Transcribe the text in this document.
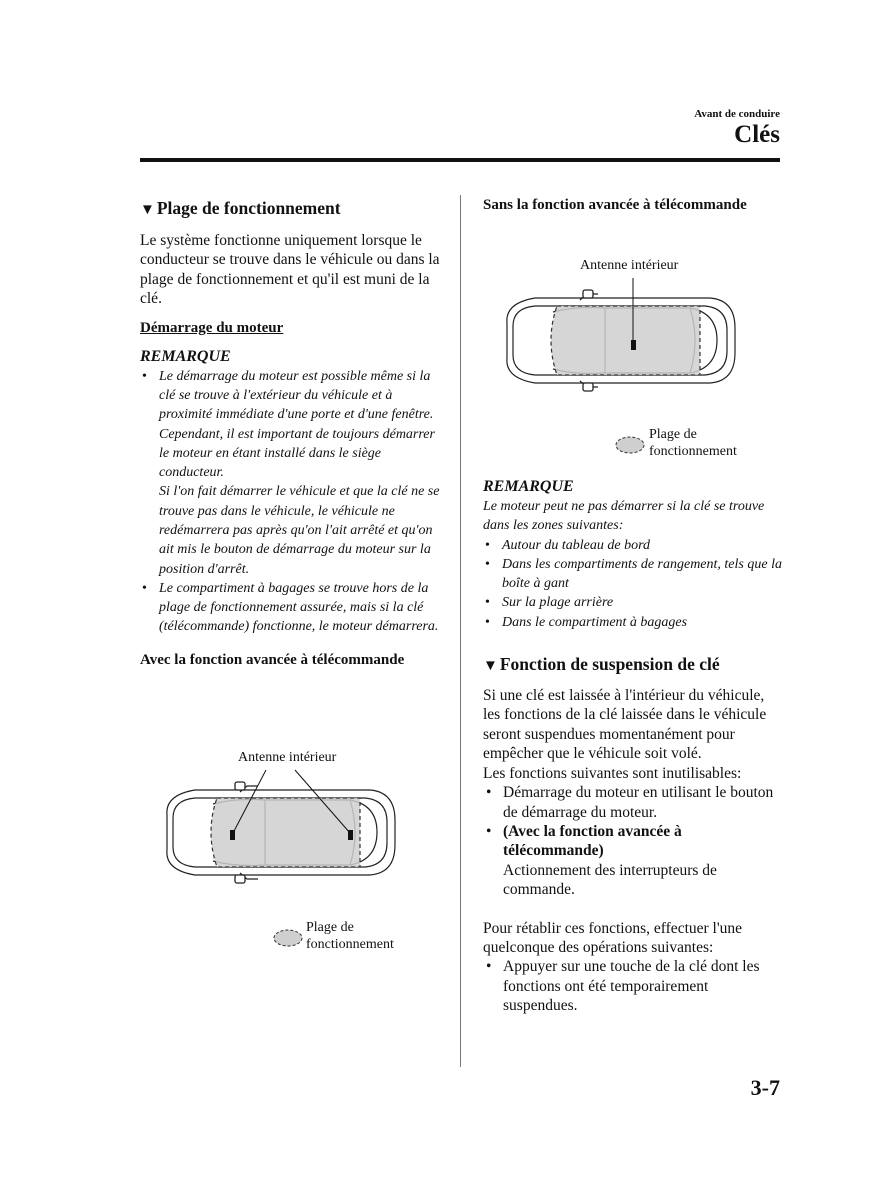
Avant de conduire
Clés
▼ Plage de fonctionnement
Le système fonctionne uniquement lorsque le conducteur se trouve dans le véhicule ou dans la plage de fonctionnement et qu'il est muni de la clé.
Démarrage du moteur
REMARQUE
• Le démarrage du moteur est possible même si la clé se trouve à l'extérieur du véhicule et à proximité immédiate d'une porte et d'une fenêtre. Cependant, il est important de toujours démarrer le moteur en étant installé dans le siège conducteur.
Si l'on fait démarrer le véhicule et que la clé ne se trouve pas dans le véhicule, le véhicule ne redémarrera pas après qu'on l'ait arrêté et qu'on ait mis le bouton de démarrage du moteur sur la position d'arrêt.
• Le compartiment à bagages se trouve hors de la plage de fonctionnement assurée, mais si la clé (télécommande) fonctionne, le moteur démarrera.
Avec la fonction avancée à télécommande
Antenne intérieur
Plage de
fonctionnement
Sans la fonction avancée à télécommande
Antenne intérieur
Plage de
fonctionnement
REMARQUE
Le moteur peut ne pas démarrer si la clé se trouve dans les zones suivantes:
• Autour du tableau de bord
• Dans les compartiments de rangement, tels que la boîte à gant
• Sur la plage arrière
• Dans le compartiment à bagages
▼ Fonction de suspension de clé
Si une clé est laissée à l'intérieur du véhicule, les fonctions de la clé laissée dans le véhicule seront suspendues momentanément pour empêcher que le véhicule soit volé.
Les fonctions suivantes sont inutilisables:
• Démarrage du moteur en utilisant le bouton de démarrage du moteur.
• (Avec la fonction avancée à télécommande)
Actionnement des interrupteurs de commande.
Pour rétablir ces fonctions, effectuer l'une quelconque des opérations suivantes:
• Appuyer sur une touche de la clé dont les fonctions ont été temporairement suspendues.
3-7
